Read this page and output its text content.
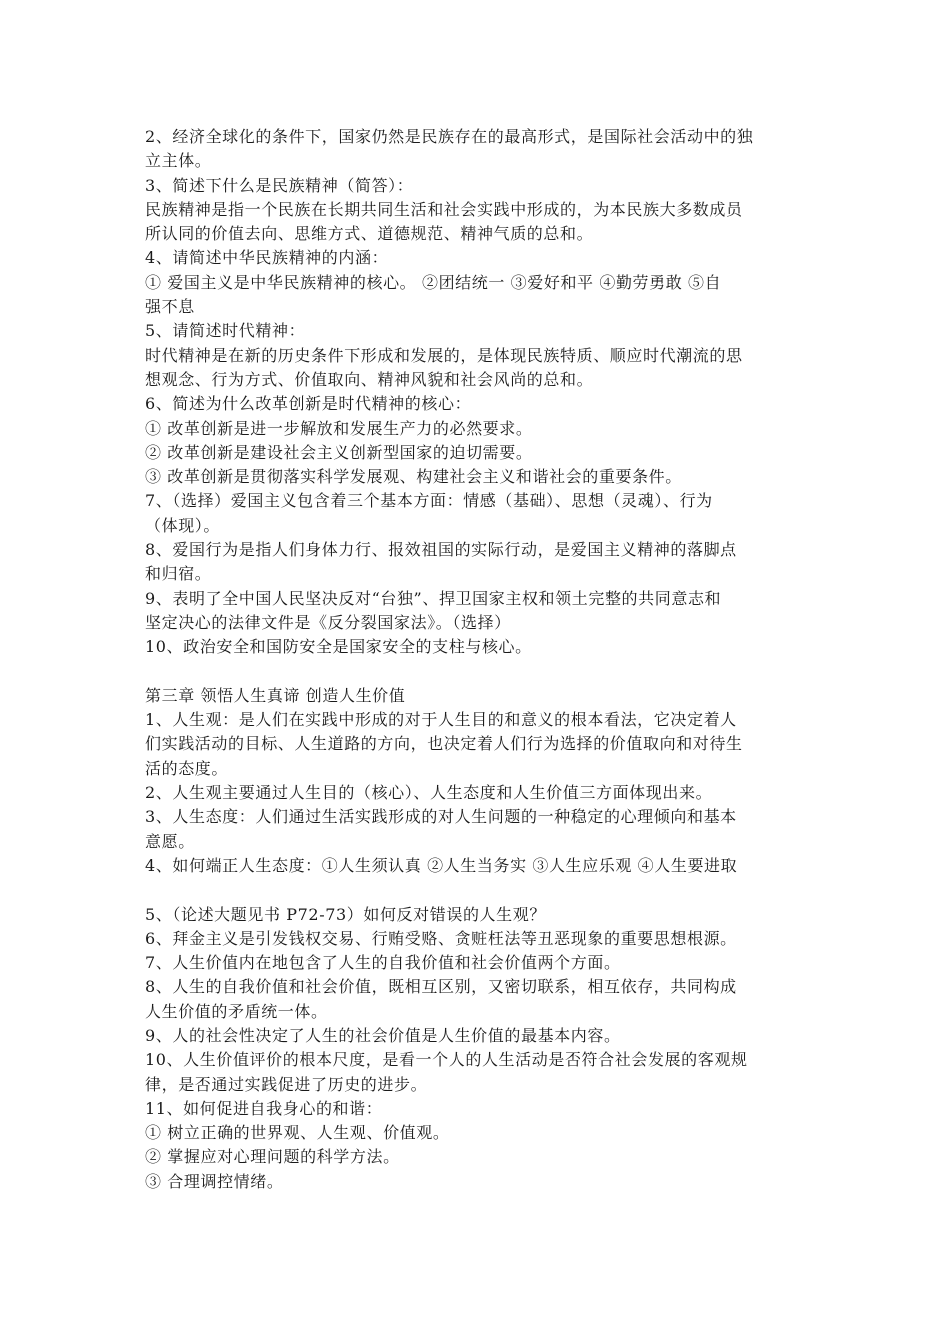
2、经济全球化的条件下，国家仍然是民族存在的最高形式，是国际社会活动中的独
立主体。
3、简述下什么是民族精神（简答）：
民族精神是指一个民族在长期共同生活和社会实践中形成的，为本民族大多数成员
所认同的价值去向、思维方式、道德规范、精神气质的总和。
4、请简述中华民族精神的内涵：
① 爱国主义是中华民族精神的核心。 ②团结统一 ③爱好和平 ④勤劳勇敢 ⑤自
强不息
5、请简述时代精神：
时代精神是在新的历史条件下形成和发展的，是体现民族特质、顺应时代潮流的思
想观念、行为方式、价值取向、精神风貌和社会风尚的总和。
6、简述为什么改革创新是时代精神的核心：
① 改革创新是进一步解放和发展生产力的必然要求。
② 改革创新是建设社会主义创新型国家的迫切需要。
③ 改革创新是贯彻落实科学发展观、构建社会主义和谐社会的重要条件。
7、（选择）爱国主义包含着三个基本方面：情感（基础）、思想（灵魂）、行为
（体现）。
8、爱国行为是指人们身体力行、报效祖国的实际行动，是爱国主义精神的落脚点
和归宿。
9、表明了全中国人民坚决反对“台独”、捍卫国家主权和领土完整的共同意志和
坚定决心的法律文件是《反分裂国家法》。（选择）
10、政治安全和国防安全是国家安全的支柱与核心。
第三章 领悟人生真谛 创造人生价值
1、人生观：是人们在实践中形成的对于人生目的和意义的根本看法，它决定着人
们实践活动的目标、人生道路的方向，也决定着人们行为选择的价值取向和对待生
活的态度。
2、人生观主要通过人生目的（核心）、人生态度和人生价值三方面体现出来。
3、人生态度：人们通过生活实践形成的对人生问题的一种稳定的心理倾向和基本
意愿。
4、如何端正人生态度：①人生须认真 ②人生当务实 ③人生应乐观 ④人生要进取
5、（论述大题见书 P72-73）如何反对错误的人生观？
6、拜金主义是引发钱权交易、行贿受赂、贪赃枉法等丑恶现象的重要思想根源。
7、人生价值内在地包含了人生的自我价值和社会价值两个方面。
8、人生的自我价值和社会价值，既相互区别，又密切联系，相互依存，共同构成
人生价值的矛盾统一体。
9、人的社会性决定了人生的社会价值是人生价值的最基本内容。
10、人生价值评价的根本尺度，是看一个人的人生活动是否符合社会发展的客观规
律，是否通过实践促进了历史的进步。
11、如何促进自我身心的和谐：
① 树立正确的世界观、人生观、价值观。
② 掌握应对心理问题的科学方法。
③ 合理调控情绪。
